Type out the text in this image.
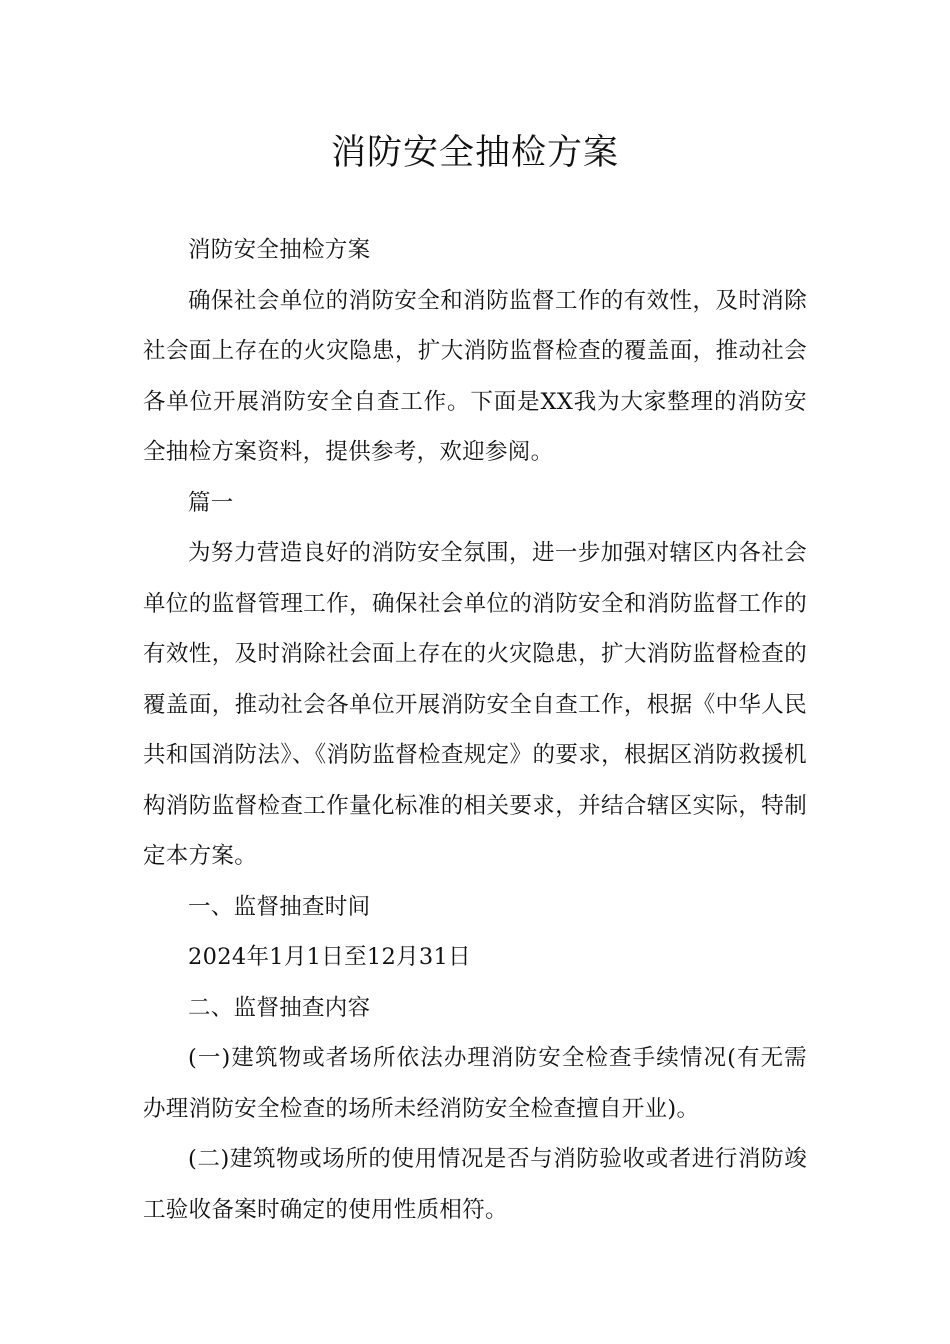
消防安全抽检方案

消防安全抽检方案

确保社会单位的消防安全和消防监督工作的有效性，及时消除社会面上存在的火灾隐患，扩大消防监督检查的覆盖面，推动社会各单位开展消防安全自查工作。下面是XX我为大家整理的消防安全抽检方案资料，提供参考，欢迎参阅。

篇一

为努力营造良好的消防安全氛围，进一步加强对辖区内各社会单位的监督管理工作，确保社会单位的消防安全和消防监督工作的有效性，及时消除社会面上存在的火灾隐患，扩大消防监督检查的覆盖面，推动社会各单位开展消防安全自查工作，根据《中华人民共和国消防法》、《消防监督检查规定》的要求，根据区消防救援机构消防监督检查工作量化标准的相关要求，并结合辖区实际，特制定本方案。

一、监督抽查时间

2024年1月1日至12月31日

二、监督抽查内容

(一)建筑物或者场所依法办理消防安全检查手续情况(有无需办理消防安全检查的场所未经消防安全检查擅自开业)。

(二)建筑物或场所的使用情况是否与消防验收或者进行消防竣工验收备案时确定的使用性质相符。
